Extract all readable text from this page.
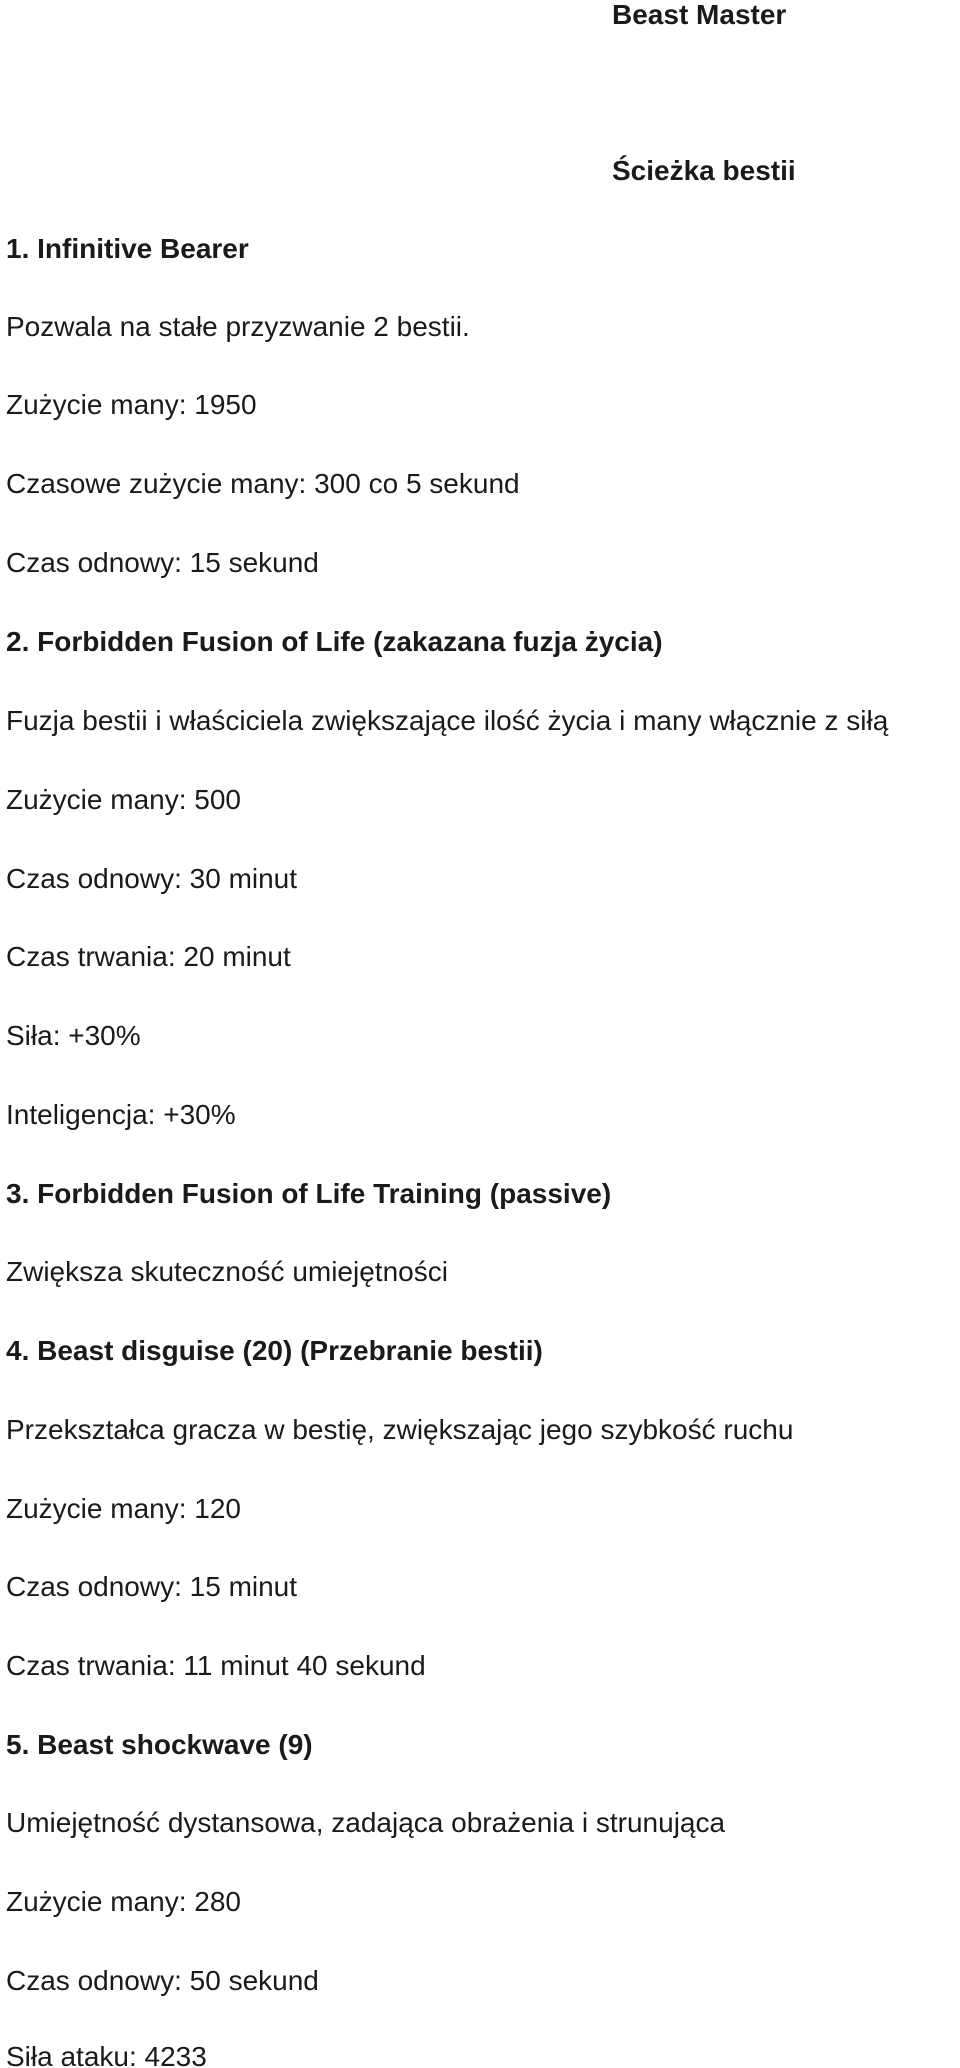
Beast Master
Ścieżka bestii
1. Infinitive Bearer
Pozwala na stałe przyzwanie 2 bestii.
Zużycie many: 1950
Czasowe zużycie many: 300 co 5 sekund
Czas odnowy: 15 sekund
2. Forbidden Fusion of Life (zakazana fuzja życia)
Fuzja bestii i właściciela zwiększające ilość życia i many włącznie z siłą
Zużycie many: 500
Czas odnowy: 30 minut
Czas trwania: 20 minut
Siła: +30%
Inteligencja: +30%
3. Forbidden Fusion of Life Training (passive)
Zwiększa skuteczność umiejętności
4. Beast disguise (20) (Przebranie bestii)
Przekształca gracza w bestię, zwiększając jego szybkość ruchu
Zużycie many: 120
Czas odnowy: 15 minut
Czas trwania: 11 minut 40 sekund
5. Beast shockwave (9)
Umiejętność dystansowa, zadająca obrażenia i strunująca
Zużycie many: 280
Czas odnowy: 50 sekund
Siła ataku: 4233
